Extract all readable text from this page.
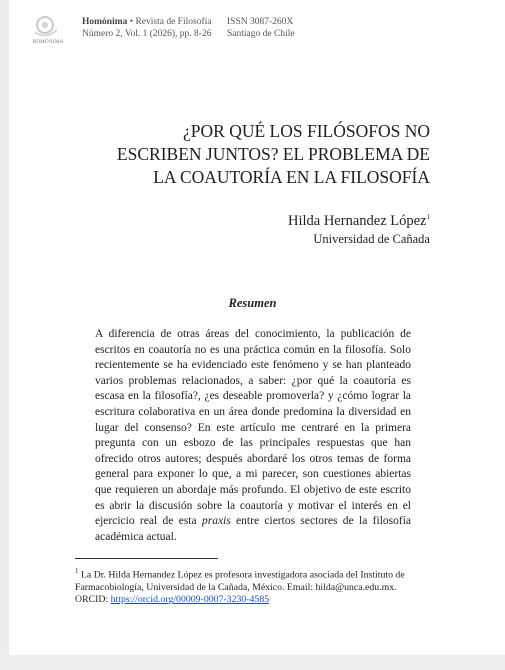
HOMÓNIMA
Homónima • Revista de Filosofía
Número 2, Vol. 1 (2026), pp. 8-26
ISSN 3087-260X
Santiago de Chile
¿POR QUÉ LOS FILÓSOFOS NO
ESCRIBEN JUNTOS? EL PROBLEMA DE
LA COAUTORÍA EN LA FILOSOFÍA
Hilda Hernandez López$^1$
Universidad de Cañada
Resumen
A diferencia de otras áreas del conocimiento, la publicación de escritos en coautoría no es una práctica común en la filosofía. Solo recientemente se ha evidenciado este fenómeno y se han planteado varios problemas relacionados, a saber: ¿por qué la coautoría es escasa en la filosofía?, ¿es deseable promoverla? y ¿cómo lograr la escritura colaborativa en un área donde predomina la diversidad en lugar del consenso? En este artículo me centraré en la primera pregunta con un esbozo de las principales respuestas que han ofrecido otros autores; después abordaré los otros temas de forma general para exponer lo que, a mi parecer, son cuestiones abiertas que requieren un abordaje más profundo. El objetivo de este escrito es abrir la discusión sobre la coautoría y motivar el interés en el ejercicio real de esta praxis entre ciertos sectores de la filosofía académica actual.
$^1$ La Dr. Hilda Hernandez López es profesora investigadora asociada del Instituto de Farmacobiología, Universidad de la Cañada, México. Email: hilda@unca.edu.mx. ORCID: https://orcid.org/00009-0007-3230-4585
